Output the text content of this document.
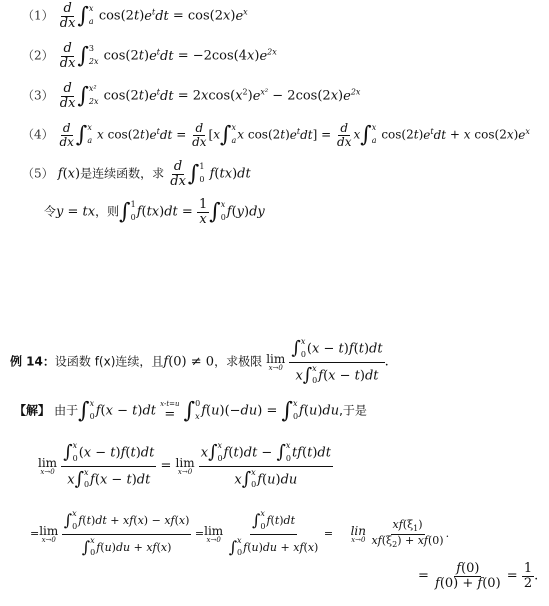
$(1) \frac{d}{dx}$ ∫ x
a $\cos(2t)e^tdt = \cos(2x)e^x$
$(2) \frac{d}{dx}$ ∫ 3
2x $\cos(2t)e^tdt = -2\cos(4x)e^{2x}$
$(3) \frac{d}{dx}$ ∫ x²
2x $\cos(2t)e^tdt = 2xcos(x^2)e^{x^2} - 2\cos(2x)e^{2x}$
$(4) \frac{d}{dx}$ ∫ x
a x $\cos(2t)e^tdt = \frac{d}{dx} [x\int$ x
a x $\cos(2t)e^tdt] = \frac{d}{dx} x\int$ x
a $\cos(2t)e^tdt + x$ $\cos(2x)e^x$
（5） f(x)是连续函数，求 $\frac{d}{dx}$ ∫ 1
0 f(tx)dt
令y = tx，则∫ 1
0 $f(tx)dt = \frac{1}{x}$ ∫ x
0 f(y)dy
例 14：设函数 f(x)连续，且f(0) ≠ 0，求极限 lim
x→0
∫ x
0 (x − t)f(t)dt
x∫ x
0 f(x − t)dt .
【解】 由于∫ x
0 f(x − t)dt x-t=u
= ∫ 0
x f(u)(−du) = ∫ x
0 f(u)du,于是
lim
x→0
∫ x
0 (x − t)f(t)dt
x∫ x
0 f(x − t)dt = lim
x→0
x∫ x
0 f(t)dt − ∫ x
0 tf(t)dt
x∫ x
0 f(u)du
= lim
x→0
∫ x
0 f(t)dt + xf(x) − xf(x)
∫ x
0 f(u)du + xf(x) = lim
x→0
∫ x
0 f(t)dt
∫ x
0 f(u)du + xf(x) = lin
x→0
$\frac{xf(\xi_1)}{xf(\xi_2) + xf(0)}$ .
= $\frac{f(0)}{f(0) + f(0)} = \frac{1}{2}$ .
